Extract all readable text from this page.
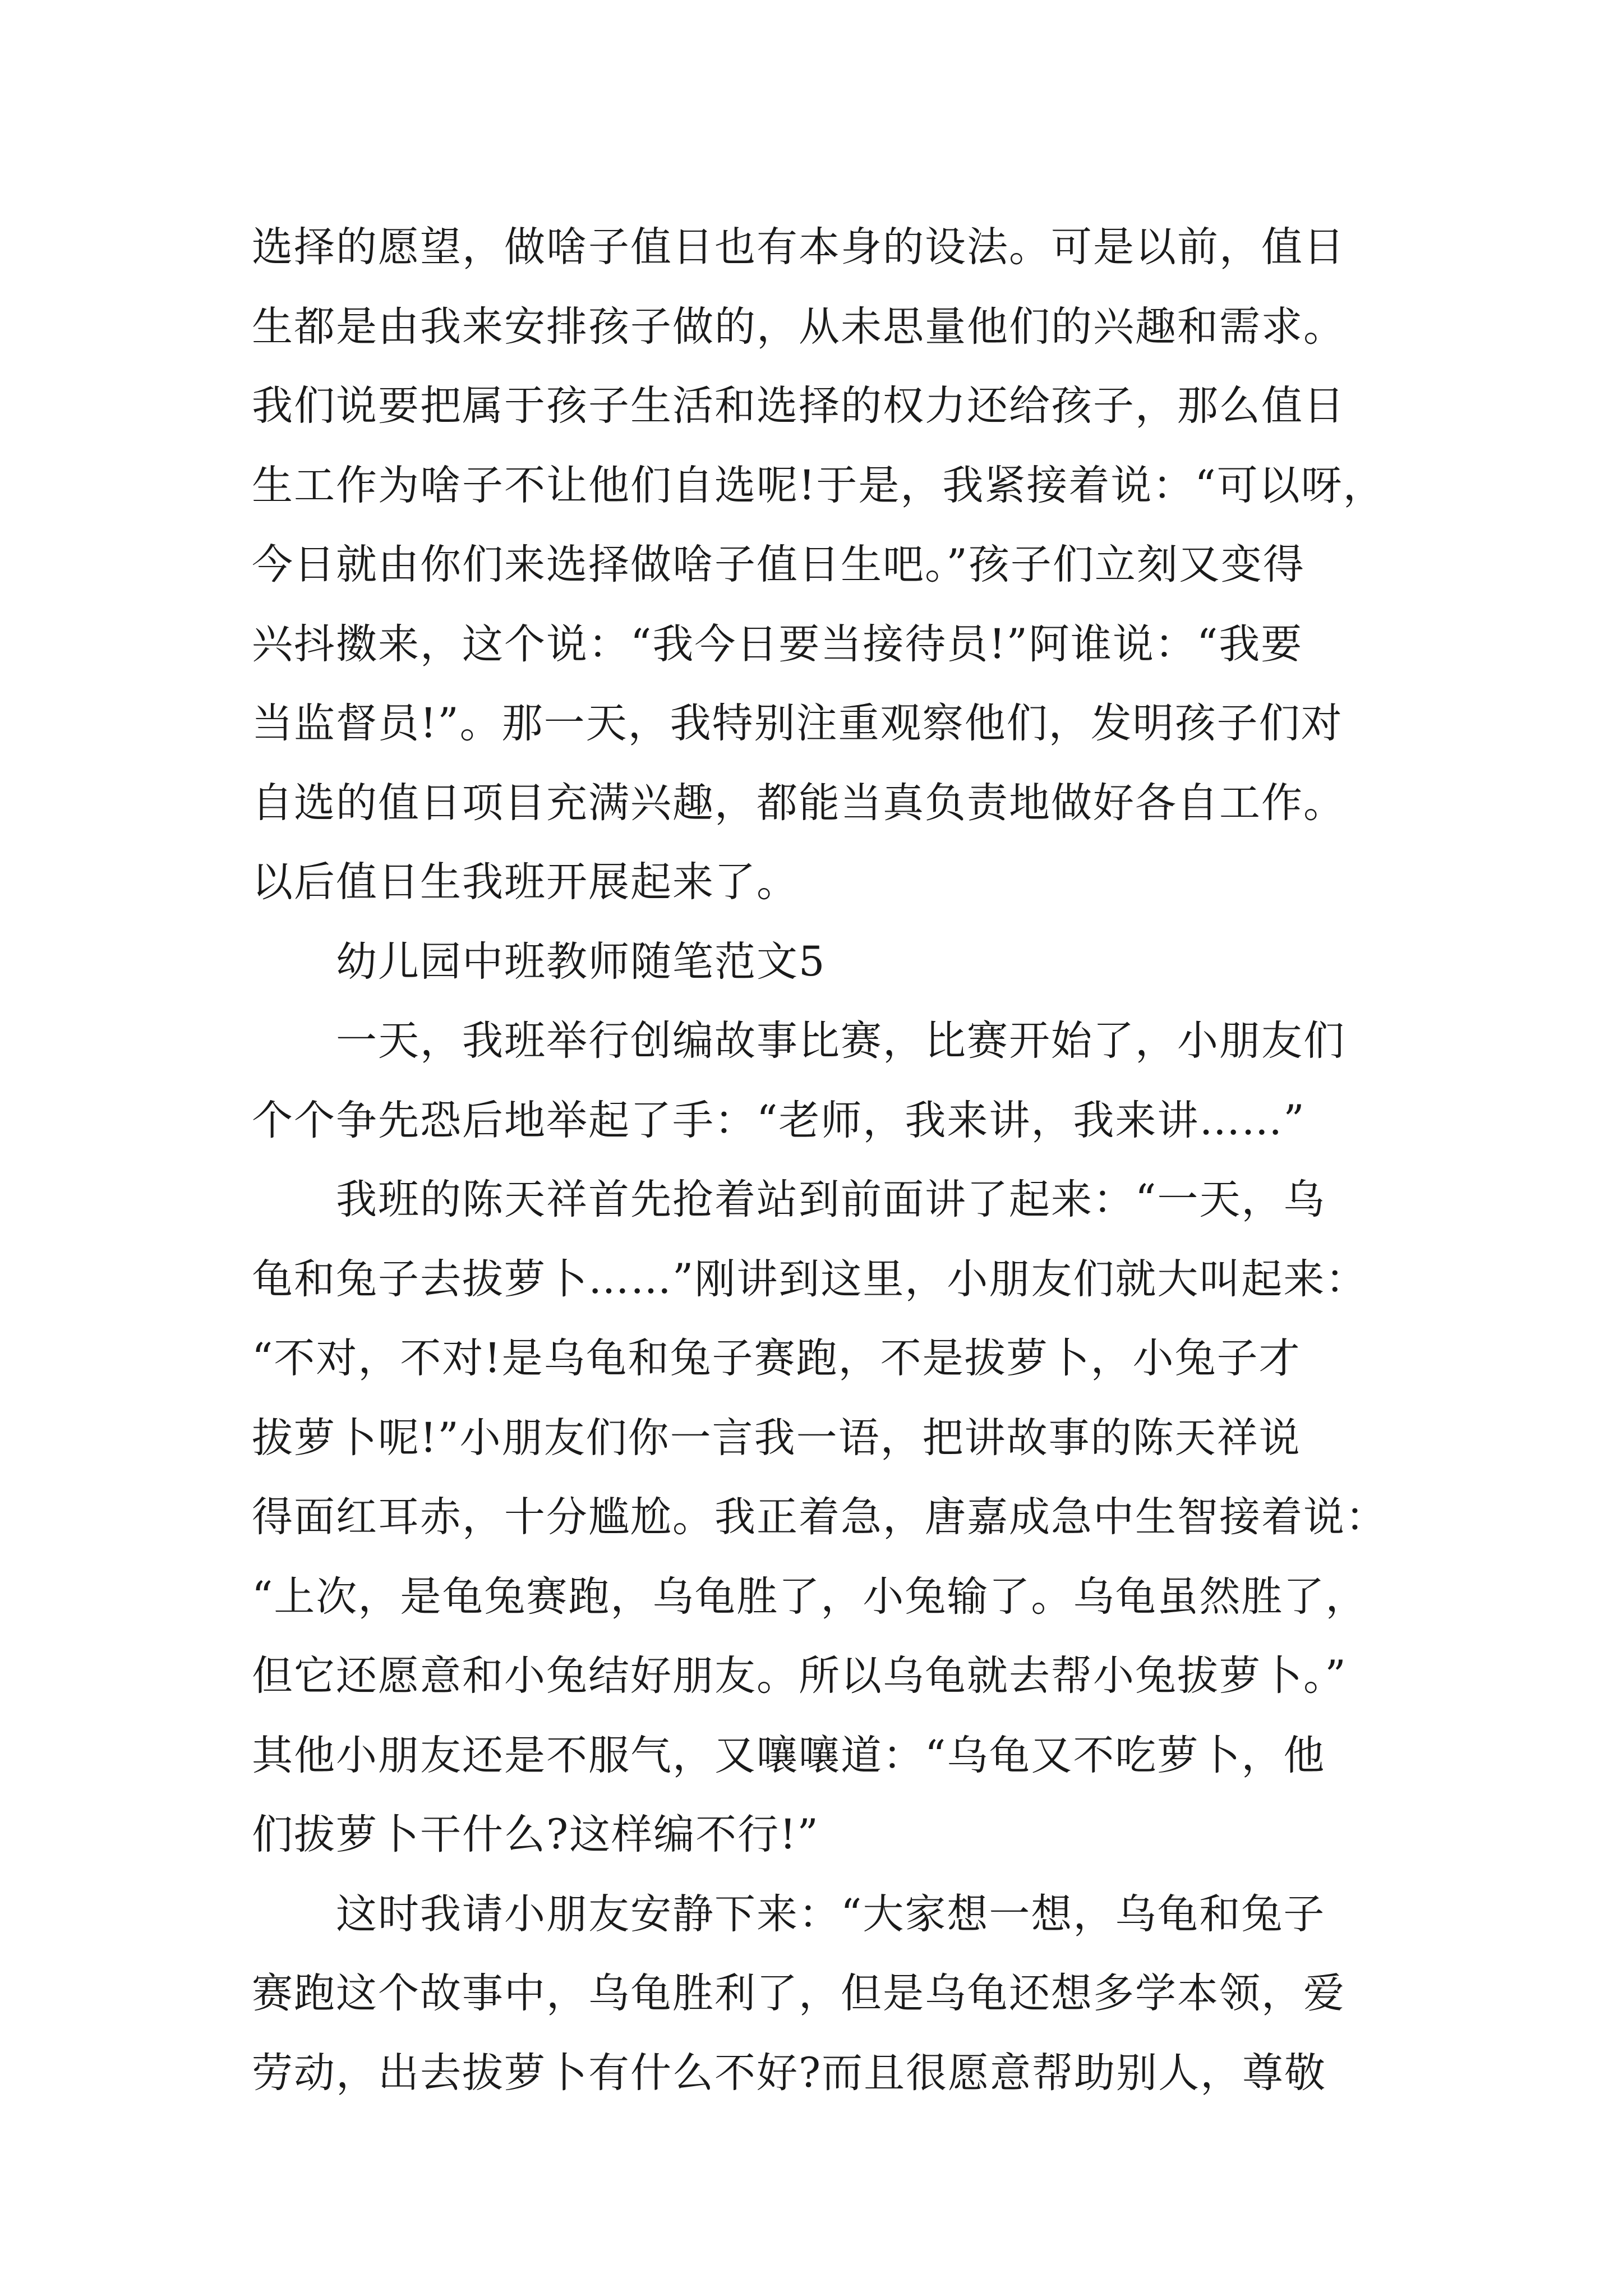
选择的愿望，做啥子值日也有本身的设法。可是以前，值日
生都是由我来安排孩子做的，从未思量他们的兴趣和需求。
我们说要把属于孩子生活和选择的权力还给孩子，那么值日
生工作为啥子不让他们自选呢!于是，我紧接着说：“可以呀，
今日就由你们来选择做啥子值日生吧。”孩子们立刻又变得
兴抖擞来，这个说：“我今日要当接待员!”阿谁说：“我要
当监督员!”。那一天，我特别注重观察他们，发明孩子们对
自选的值日项目充满兴趣，都能当真负责地做好各自工作。
以后值日生我班开展起来了。
幼儿园中班教师随笔范文5
一天，我班举行创编故事比赛，比赛开始了，小朋友们
个个争先恐后地举起了手：“老师，我来讲，我来讲……”
我班的陈天祥首先抢着站到前面讲了起来：“一天，乌
龟和兔子去拔萝卜……”刚讲到这里，小朋友们就大叫起来：
“不对，不对!是乌龟和兔子赛跑，不是拔萝卜，小兔子才
拔萝卜呢!”小朋友们你一言我一语，把讲故事的陈天祥说
得面红耳赤，十分尴尬。我正着急，唐嘉成急中生智接着说：
“上次，是龟兔赛跑，乌龟胜了，小兔输了。乌龟虽然胜了，
但它还愿意和小兔结好朋友。所以乌龟就去帮小兔拔萝卜。”
其他小朋友还是不服气，又嚷嚷道：“乌龟又不吃萝卜，他
们拔萝卜干什么?这样编不行!”
这时我请小朋友安静下来：“大家想一想，乌龟和兔子
赛跑这个故事中，乌龟胜利了，但是乌龟还想多学本领，爱
劳动，出去拔萝卜有什么不好?而且很愿意帮助别人，尊敬
